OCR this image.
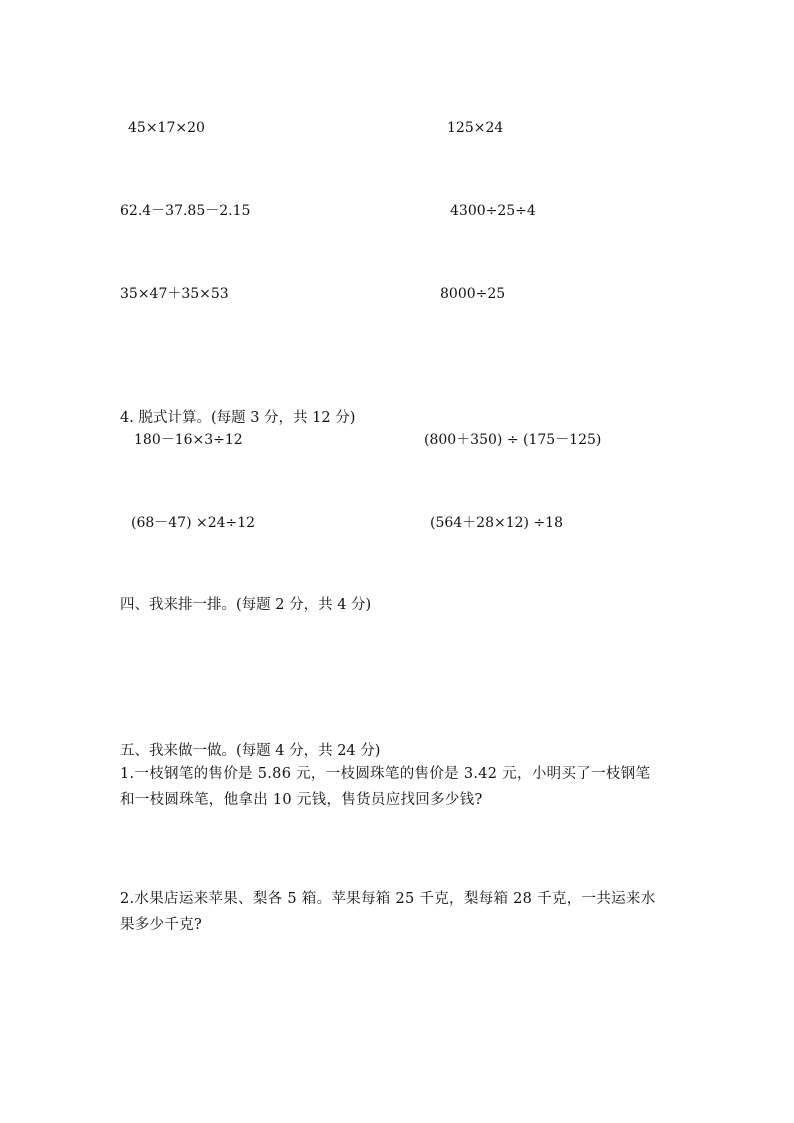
45×17×20	125×24
62.4－37.85－2.15	4300÷25÷4
35×47＋35×53	8000÷25
4. 脱式计算。(每题 3 分，共 12 分)
180－16×3÷12	(800＋350) ÷ (175－125)
(68－47) ×24÷12	(564＋28×12) ÷18
四、我来排一排。(每题 2 分，共 4 分)
五、我来做一做。(每题 4 分，共 24 分)
1.一枝钢笔的售价是 5.86 元，一枝圆珠笔的售价是 3.42 元，小明买了一枝钢笔
和一枝圆珠笔，他拿出 10 元钱，售货员应找回多少钱?
2.水果店运来苹果、梨各 5 箱。苹果每箱 25 千克，梨每箱 28 千克，一共运来水
果多少千克?
